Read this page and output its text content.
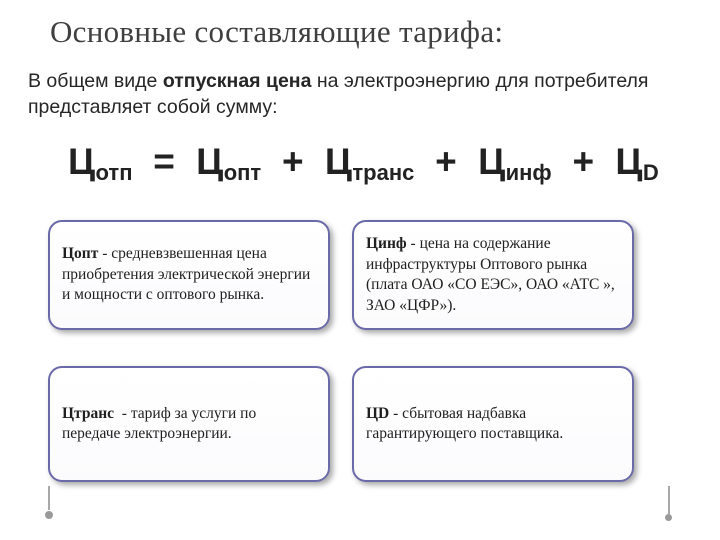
Основные составляющие тарифа:
В общем виде отпускная цена на электроэнергию для потребителя представляет собой сумму:
$Ц_{отп} = Ц_{опт} + Ц_{транс} + Ц_{инф} + Ц_D$
Цопт - средневзвешенная цена приобретения электрической энергии и мощности с оптового рынка.
Цинф - цена на содержание инфраструктуры Оптового рынка (плата ОАО «СО ЕЭС», ОАО «АТС », ЗАО «ЦФР»).
Цтранс  - тариф за услуги по передаче электроэнергии.
ЦD - сбытовая надбавка гарантирующего поставщика.
